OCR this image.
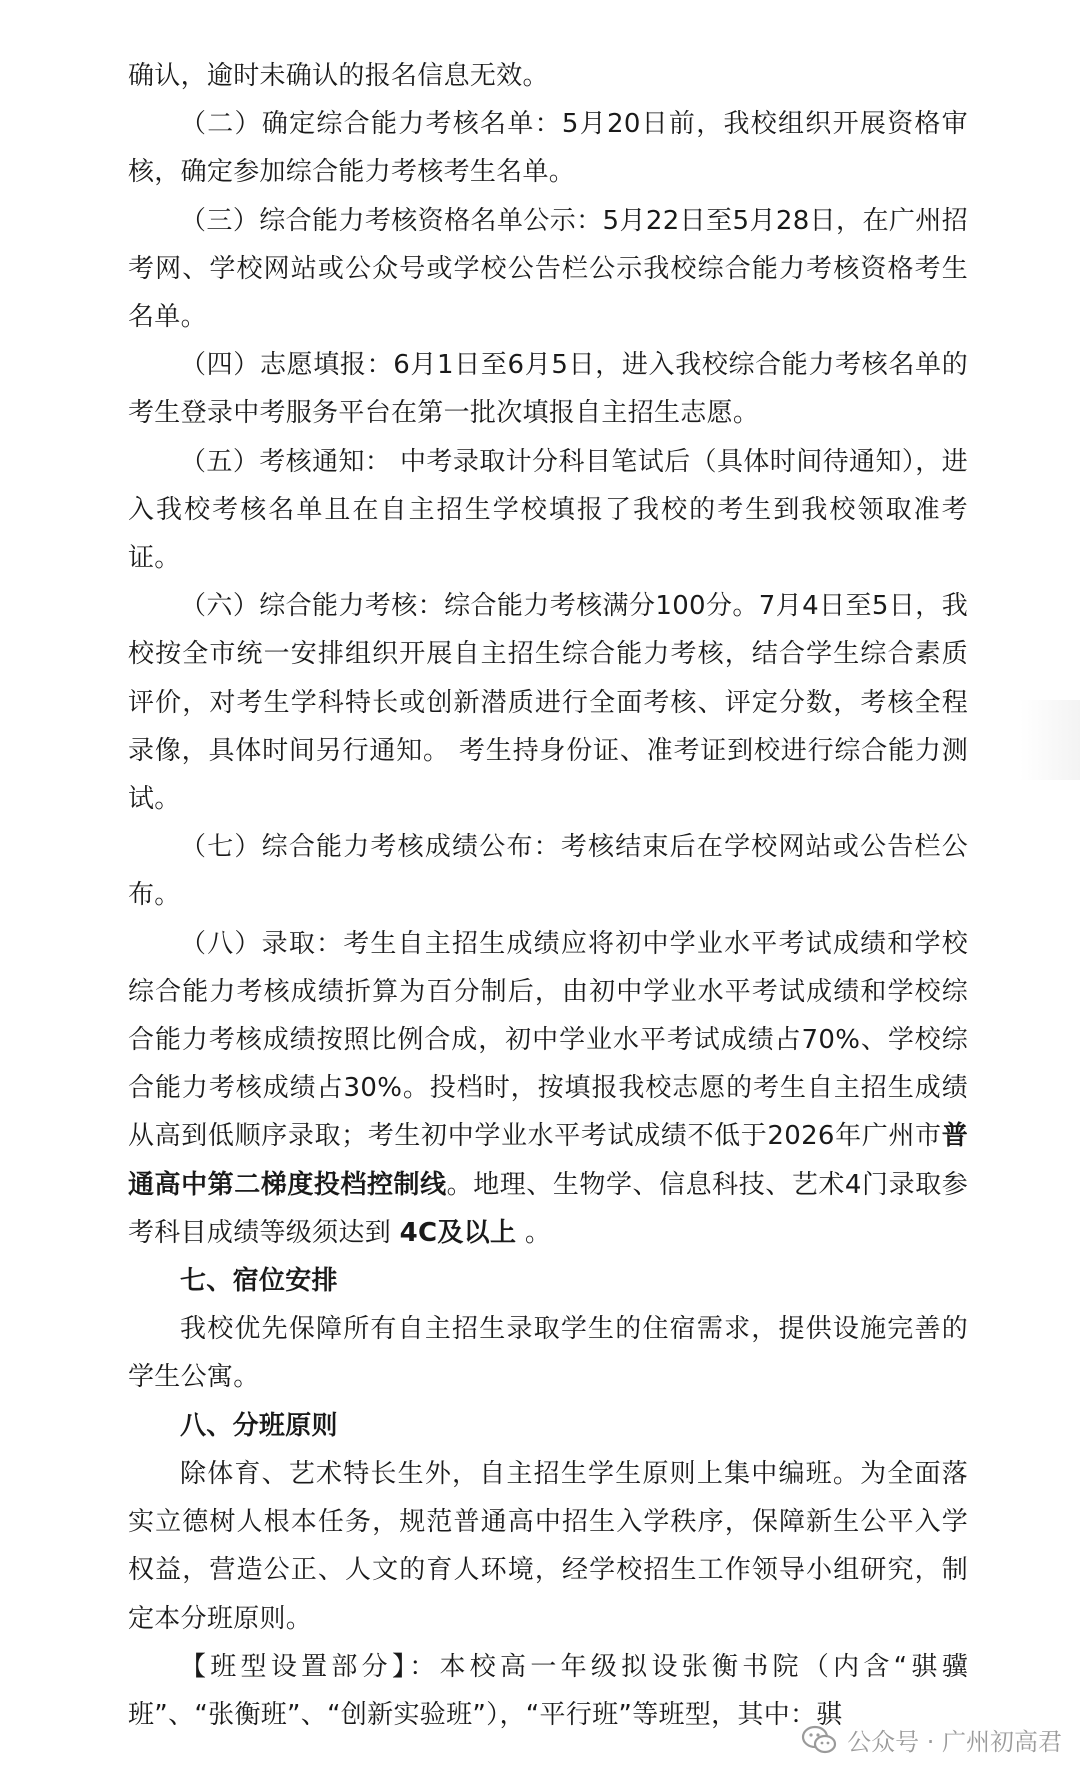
确认，逾时未确认的报名信息无效。

（二）确定综合能力考核名单：5月20日前，我校组织开展资格审核，确定参加综合能力考核考生名单。

（三）综合能力考核资格名单公示：5月22日至5月28日，在广州招考网、学校网站或公众号或学校公告栏公示我校综合能力考核资格考生名单。

（四）志愿填报：6月1日至6月5日，进入我校综合能力考核名单的考生登录中考服务平台在第一批次填报自主招生志愿。

（五）考核通知： 中考录取计分科目笔试后（具体时间待通知），进入我校考核名单且在自主招生学校填报了我校的考生到我校领取准考证。

（六）综合能力考核：综合能力考核满分100分。7月4日至5日，我校按全市统一安排组织开展自主招生综合能力考核，结合学生综合素质评价，对考生学科特长或创新潜质进行全面考核、评定分数，考核全程录像，具体时间另行通知。 考生持身份证、准考证到校进行综合能力测试。

（七）综合能力考核成绩公布：考核结束后在学校网站或公告栏公布。

（八）录取：考生自主招生成绩应将初中学业水平考试成绩和学校综合能力考核成绩折算为百分制后，由初中学业水平考试成绩和学校综合能力考核成绩按照比例合成，初中学业水平考试成绩占70%、学校综合能力考核成绩占30%。投档时，按填报我校志愿的考生自主招生成绩从高到低顺序录取；考生初中学业水平考试成绩不低于2026年广州市普通高中第二梯度投档控制线。地理、生物学、信息科技、艺术4门录取参考科目成绩等级须达到 4C及以上 。

七、宿位安排

我校优先保障所有自主招生录取学生的住宿需求，提供设施完善的学生公寓。

八、分班原则

除体育、艺术特长生外，自主招生学生原则上集中编班。为全面落实立德树人根本任务，规范普通高中招生入学秩序，保障新生公平入学权益，营造公正、人文的育人环境，经学校招生工作领导小组研究，制定本分班原则。

【班型设置部分】：本校高一年级拟设张衡书院（内含“骐骥班”、“张衡班”、“创新实验班”），“平行班”等班型，其中：骐

公众号 · 广州初高君
